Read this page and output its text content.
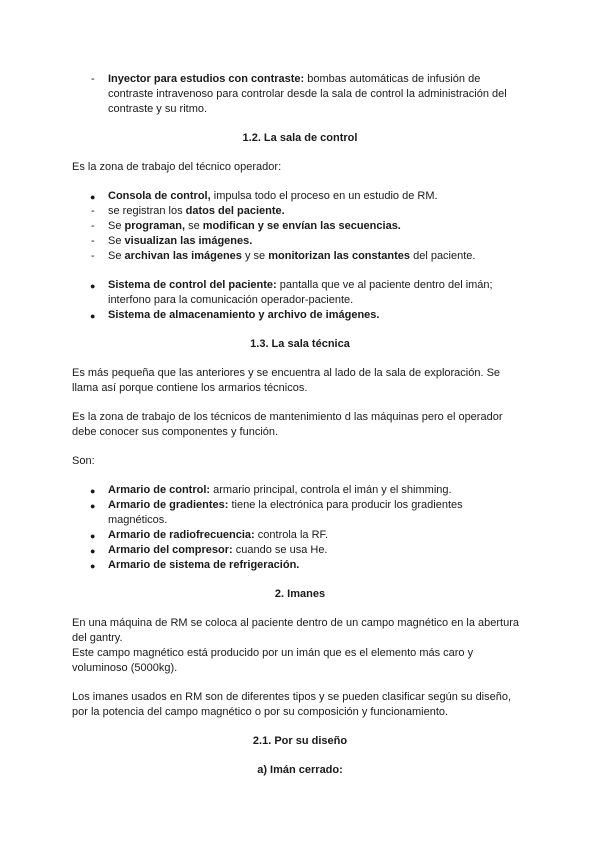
-	Inyector para estudios con contraste: bombas automáticas de infusión de
contraste intravenoso para controlar desde la sala de control la administración del
contraste y su ritmo.
1.2. La sala de control
Es la zona de trabajo del técnico operador:
● Consola de control, impulsa todo el proceso en un estudio de RM.
-	se registran los datos del paciente.
-	Se programan, se modifican y se envían las secuencias.
-	Se visualizan las imágenes.
-	Se archivan las imágenes y se monitorizan las constantes del paciente.
● Sistema de control del paciente: pantalla que ve al paciente dentro del imán;
interfono para la comunicación operador-paciente.
● Sistema de almacenamiento y archivo de imágenes.
1.3. La sala técnica
Es más pequeña que las anteriores y se encuentra al lado de la sala de exploración. Se
llama así porque contiene los armarios técnicos.
Es la zona de trabajo de los técnicos de mantenimiento d las máquinas pero el operador
debe conocer sus componentes y función.
Son:
● Armario de control: armario principal, controla el imán y el shimming.
● Armario de gradientes: tiene la electrónica para producir los gradientes
magnéticos.
● Armario de radiofrecuencia: controla la RF.
● Armario del compresor: cuando se usa He.
● Armario de sistema de refrigeración.
2. Imanes
En una máquina de RM se coloca al paciente dentro de un campo magnético en la abertura
del gantry.
Este campo magnético está producido por un imán que es el elemento más caro y
voluminoso (5000kg).
Los imanes usados en RM son de diferentes tipos y se pueden clasificar según su diseño,
por la potencia del campo magnético o por su composición y funcionamiento.
2.1. Por su diseño
a) Imán cerrado:
